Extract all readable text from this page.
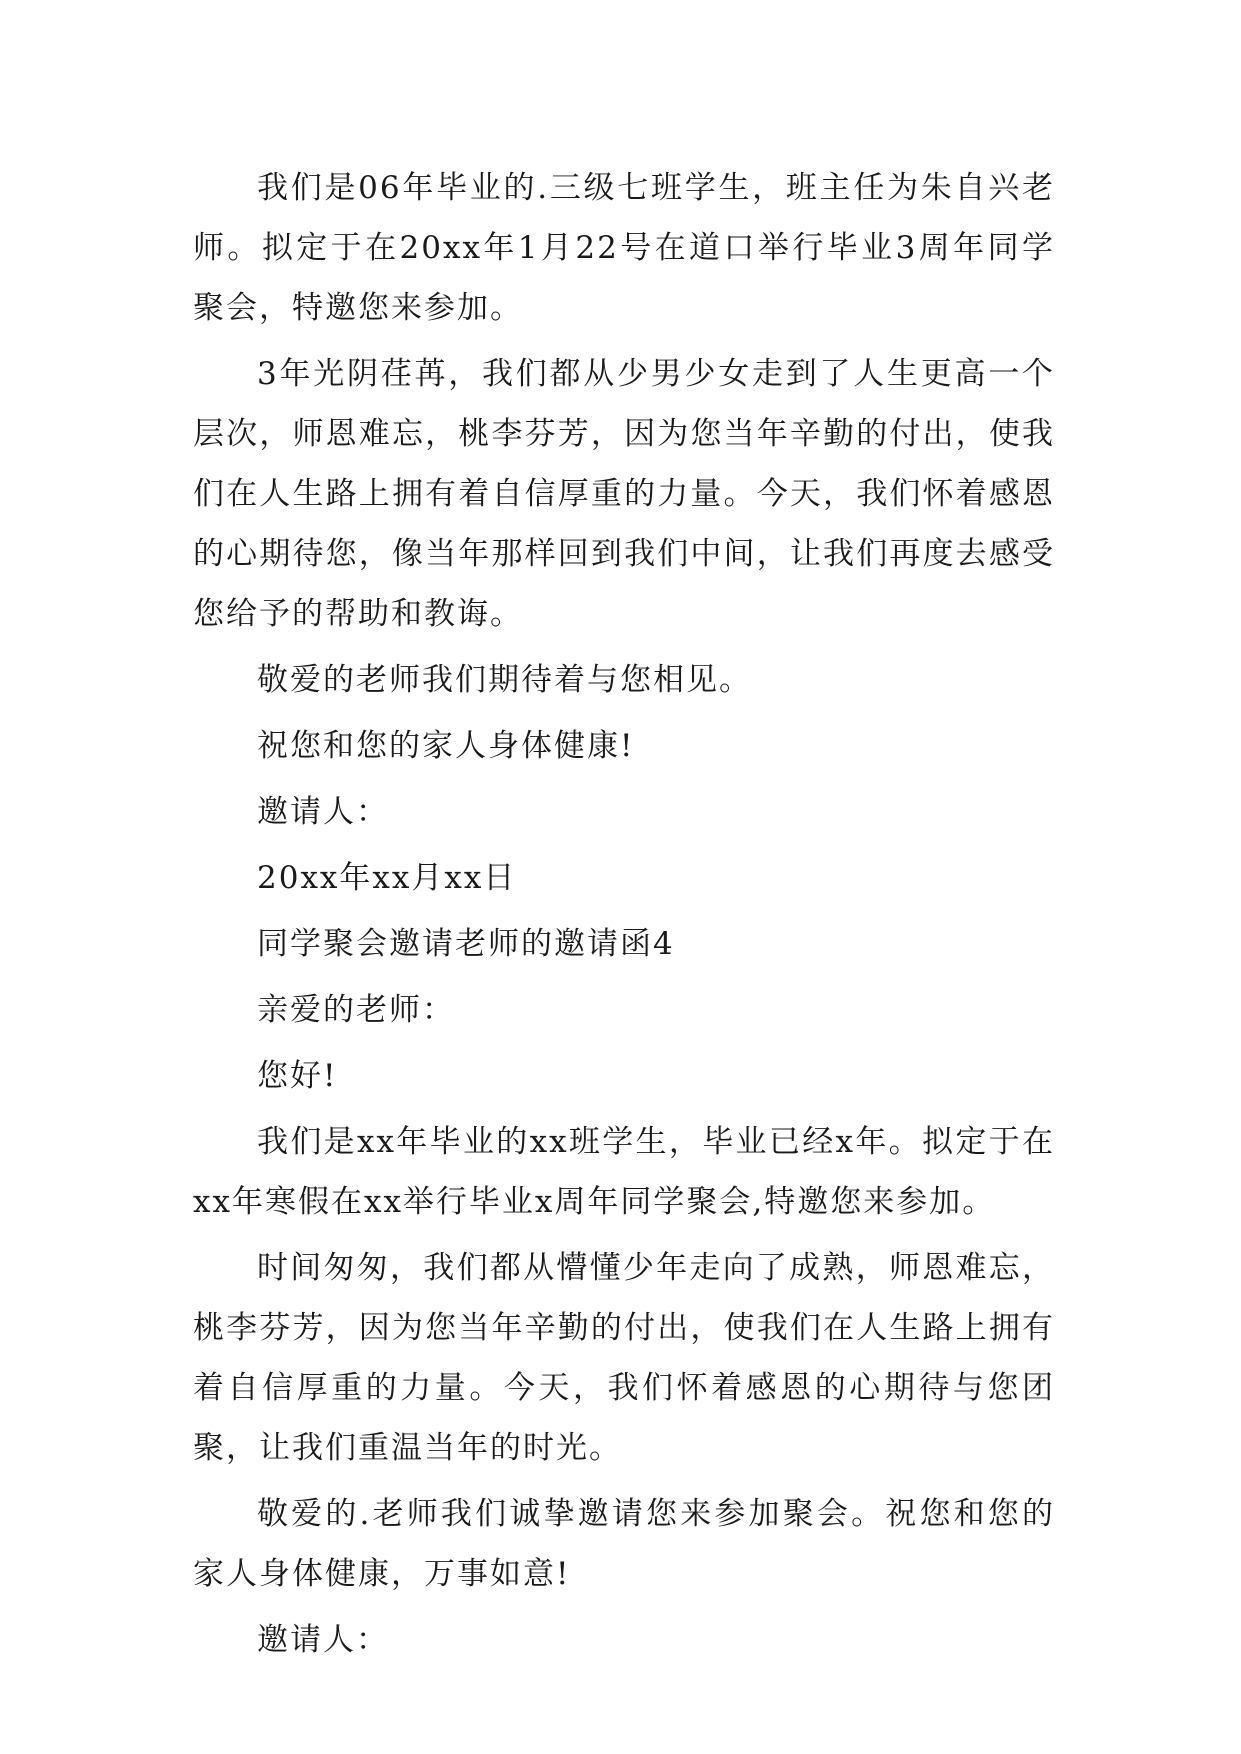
我们是06年毕业的.三级七班学生，班主任为朱自兴老师。拟定于在20xx年1月22号在道口举行毕业3周年同学聚会，特邀您来参加。

3年光阴荏苒，我们都从少男少女走到了人生更高一个层次，师恩难忘，桃李芬芳，因为您当年辛勤的付出，使我们在人生路上拥有着自信厚重的力量。今天，我们怀着感恩的心期待您，像当年那样回到我们中间，让我们再度去感受您给予的帮助和教诲。

敬爱的老师我们期待着与您相见。

祝您和您的家人身体健康!

邀请人：

20xx年xx月xx日

同学聚会邀请老师的邀请函4

亲爱的老师：

您好!

我们是xx年毕业的xx班学生，毕业已经x年。拟定于在xx年寒假在xx举行毕业x周年同学聚会,特邀您来参加。

时间匆匆，我们都从懵懂少年走向了成熟，师恩难忘，桃李芬芳，因为您当年辛勤的付出，使我们在人生路上拥有着自信厚重的力量。今天，我们怀着感恩的心期待与您团聚，让我们重温当年的时光。

敬爱的.老师我们诚挚邀请您来参加聚会。祝您和您的家人身体健康，万事如意!

邀请人：
